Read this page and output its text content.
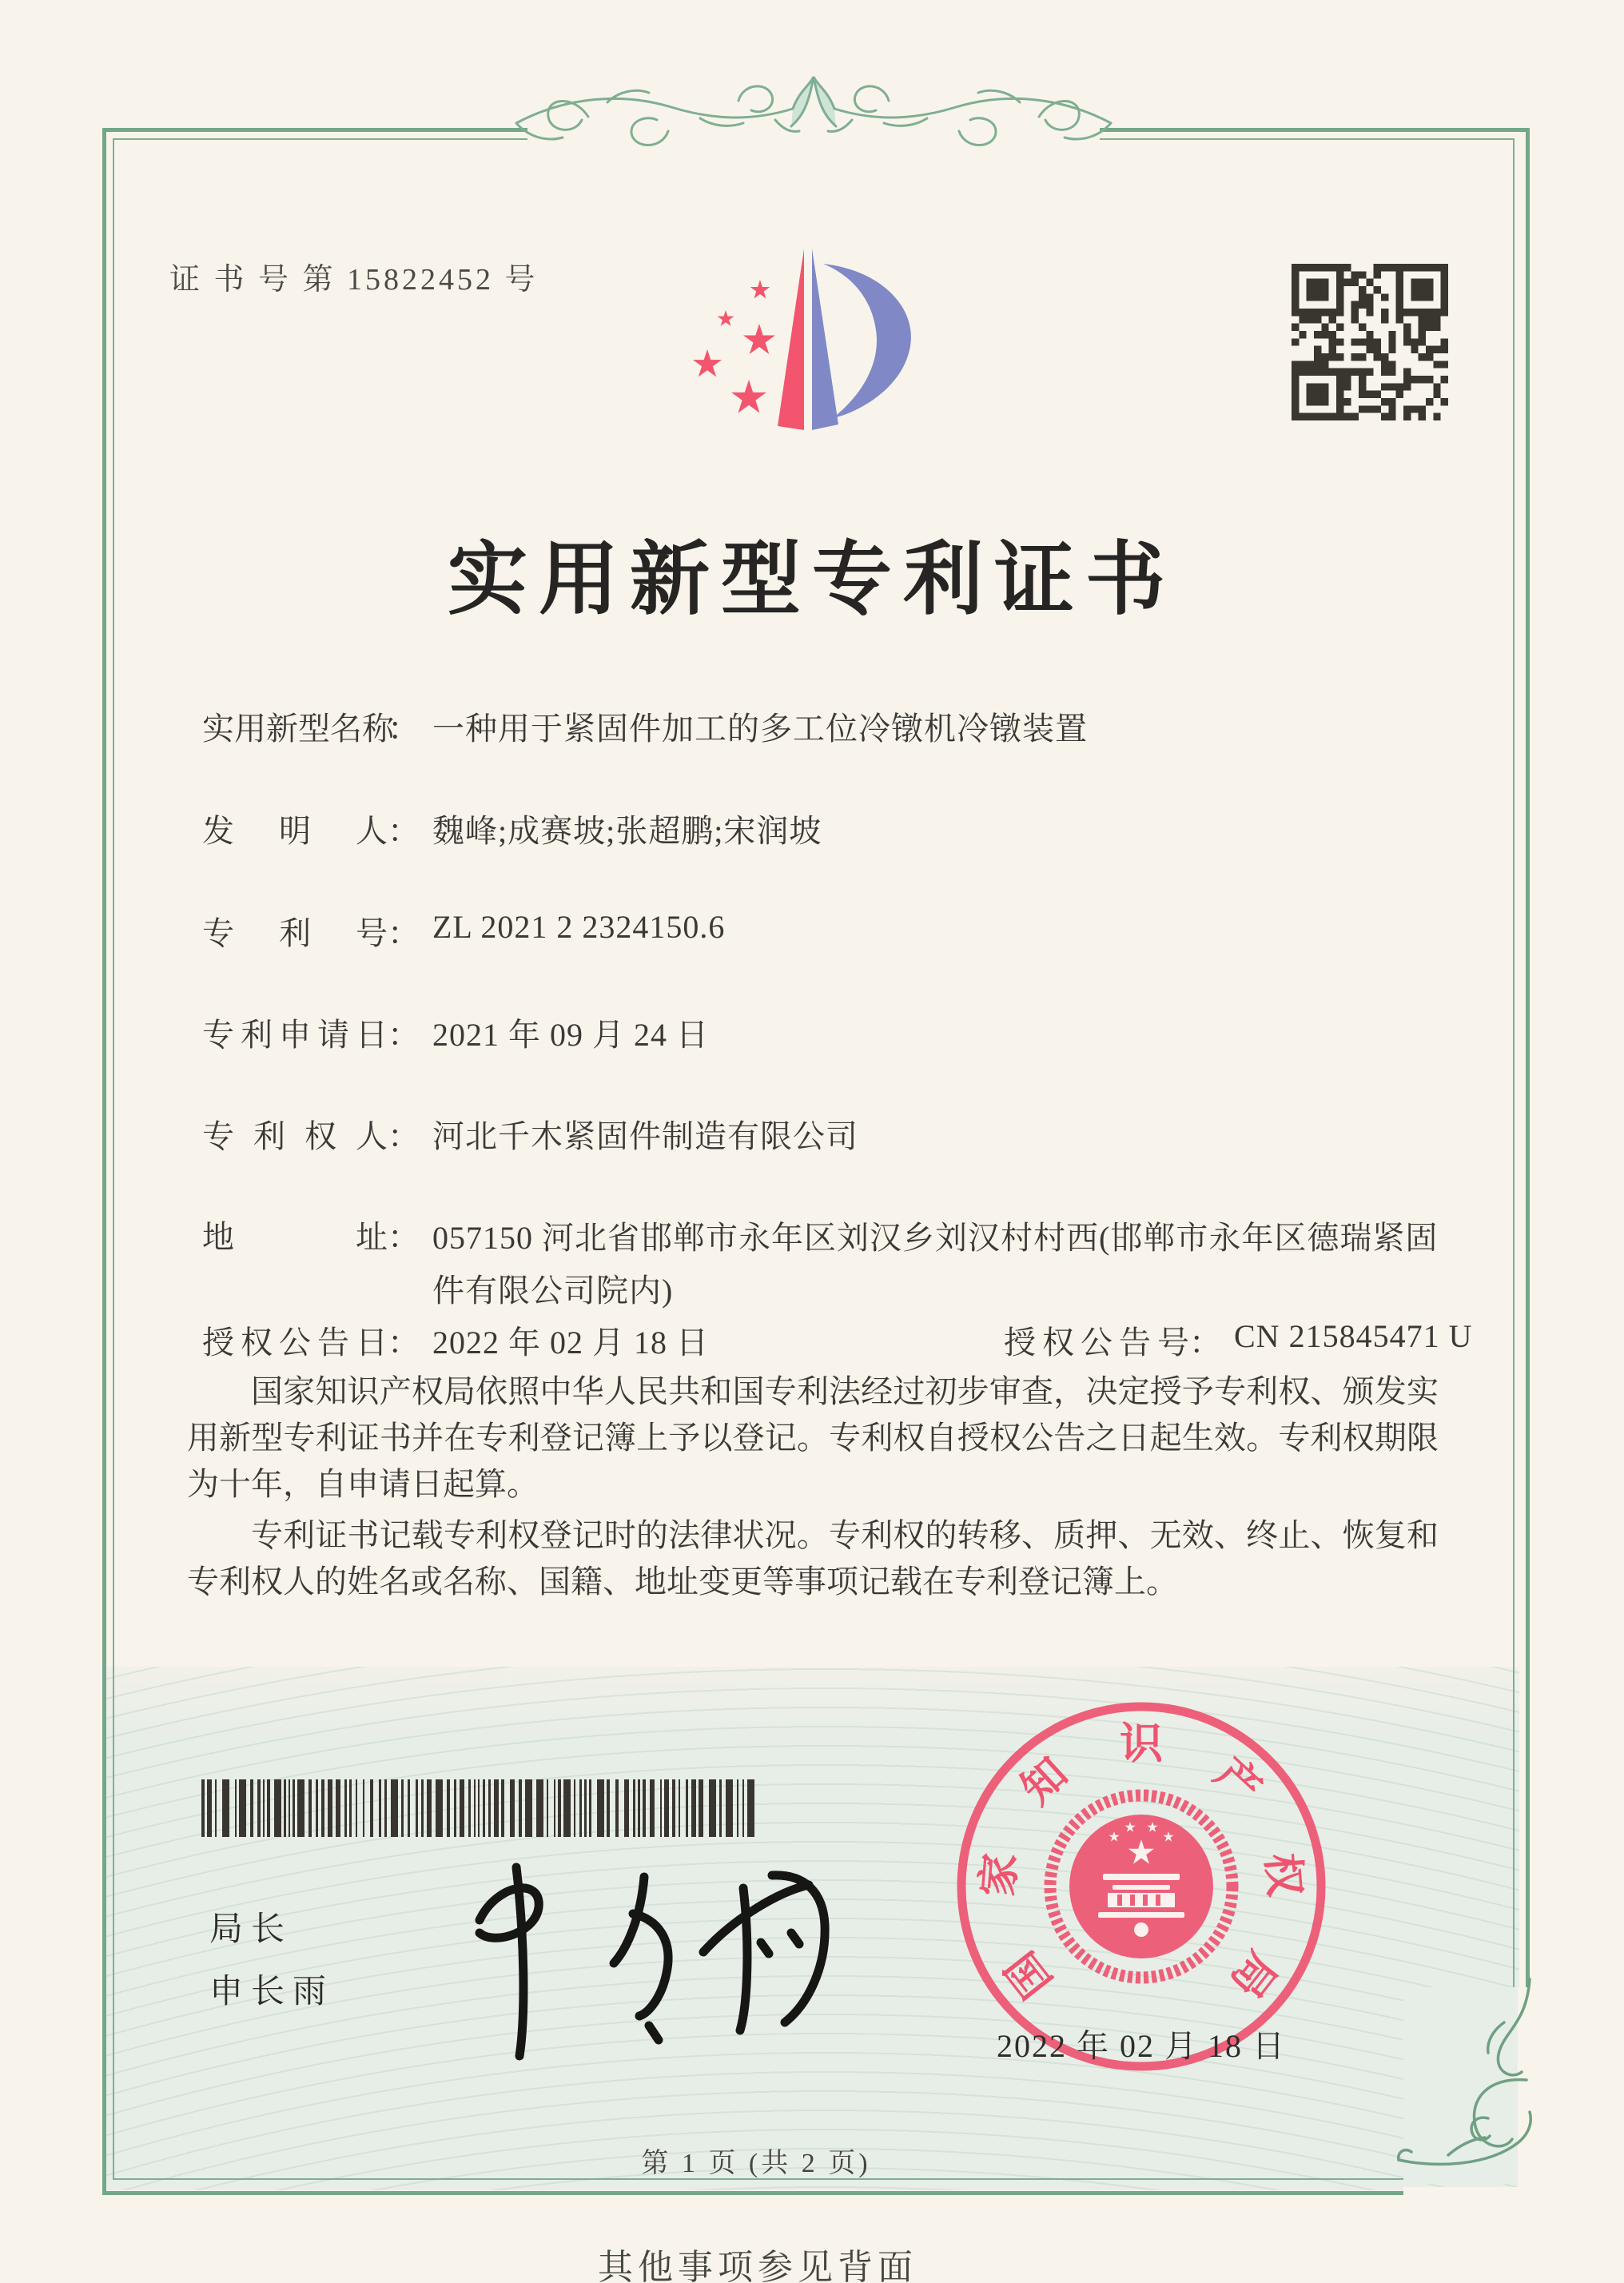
证 书 号 第 15822452 号
实用新型专利证书
实用新型名称： 一种用于紧固件加工的多工位冷镦机冷镦装置
发明人： 魏峰;成赛坡;张超鹏;宋润坡
专利号： ZL 2021 2 2324150.6
专利申请日： 2021 年 09 月 24 日
专利权人： 河北千木紧固件制造有限公司
地址： 057150 河北省邯郸市永年区刘汉乡刘汉村村西(邯郸市永年区德瑞紧固件有限公司院内)
授权公告日： 2022 年 02 月 18 日	授权公告号： CN 215845471 U

国家知识产权局依照中华人民共和国专利法经过初步审查，决定授予专利权、颁发实用新型专利证书并在专利登记簿上予以登记。专利权自授权公告之日起生效。专利权期限为十年，自申请日起算。

专利证书记载专利权登记时的法律状况。专利权的转移、质押、无效、终止、恢复和专利权人的姓名或名称、国籍、地址变更等事项记载在专利登记簿上。

局长
申长雨	国
家
知
识
产
权
局
2022 年 02 月 18 日
第 1 页 (共 2 页)
其他事项参见背面
